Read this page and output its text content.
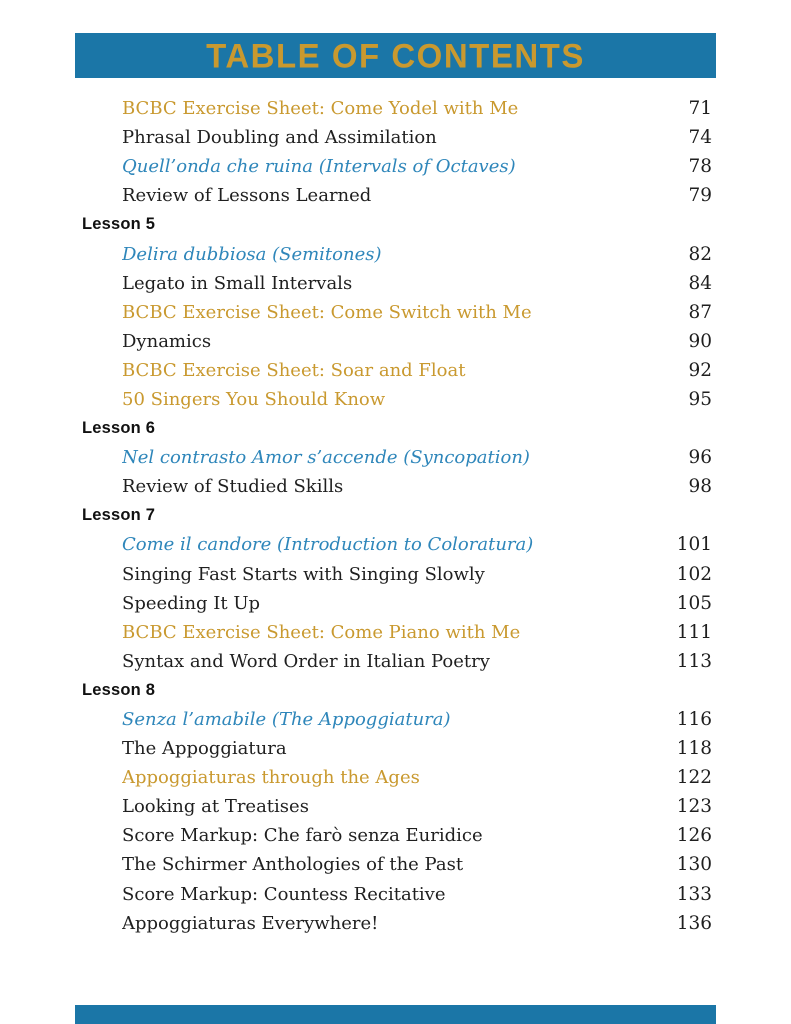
TABLE OF CONTENTS
BCBC Exercise Sheet: Come Yodel with Me	71
Phrasal Doubling and Assimilation	74
Quell’onda che ruina (Intervals of Octaves)	78
Review of Lessons Learned	79
Lesson 5
Delira dubbiosa (Semitones)	82
Legato in Small Intervals	84
BCBC Exercise Sheet: Come Switch with Me	87
Dynamics	90
BCBC Exercise Sheet: Soar and Float	92
50 Singers You Should Know	95
Lesson 6
Nel contrasto Amor s’accende (Syncopation)	96
Review of Studied Skills	98
Lesson 7
Come il candore (Introduction to Coloratura)	101
Singing Fast Starts with Singing Slowly	102
Speeding It Up	105
BCBC Exercise Sheet: Come Piano with Me	111
Syntax and Word Order in Italian Poetry	113
Lesson 8
Senza l’amabile (The Appoggiatura)	116
The Appoggiatura	118
Appoggiaturas through the Ages	122
Looking at Treatises	123
Score Markup: Che farò senza Euridice	126
The Schirmer Anthologies of the Past	130
Score Markup: Countess Recitative	133
Appoggiaturas Everywhere!	136
